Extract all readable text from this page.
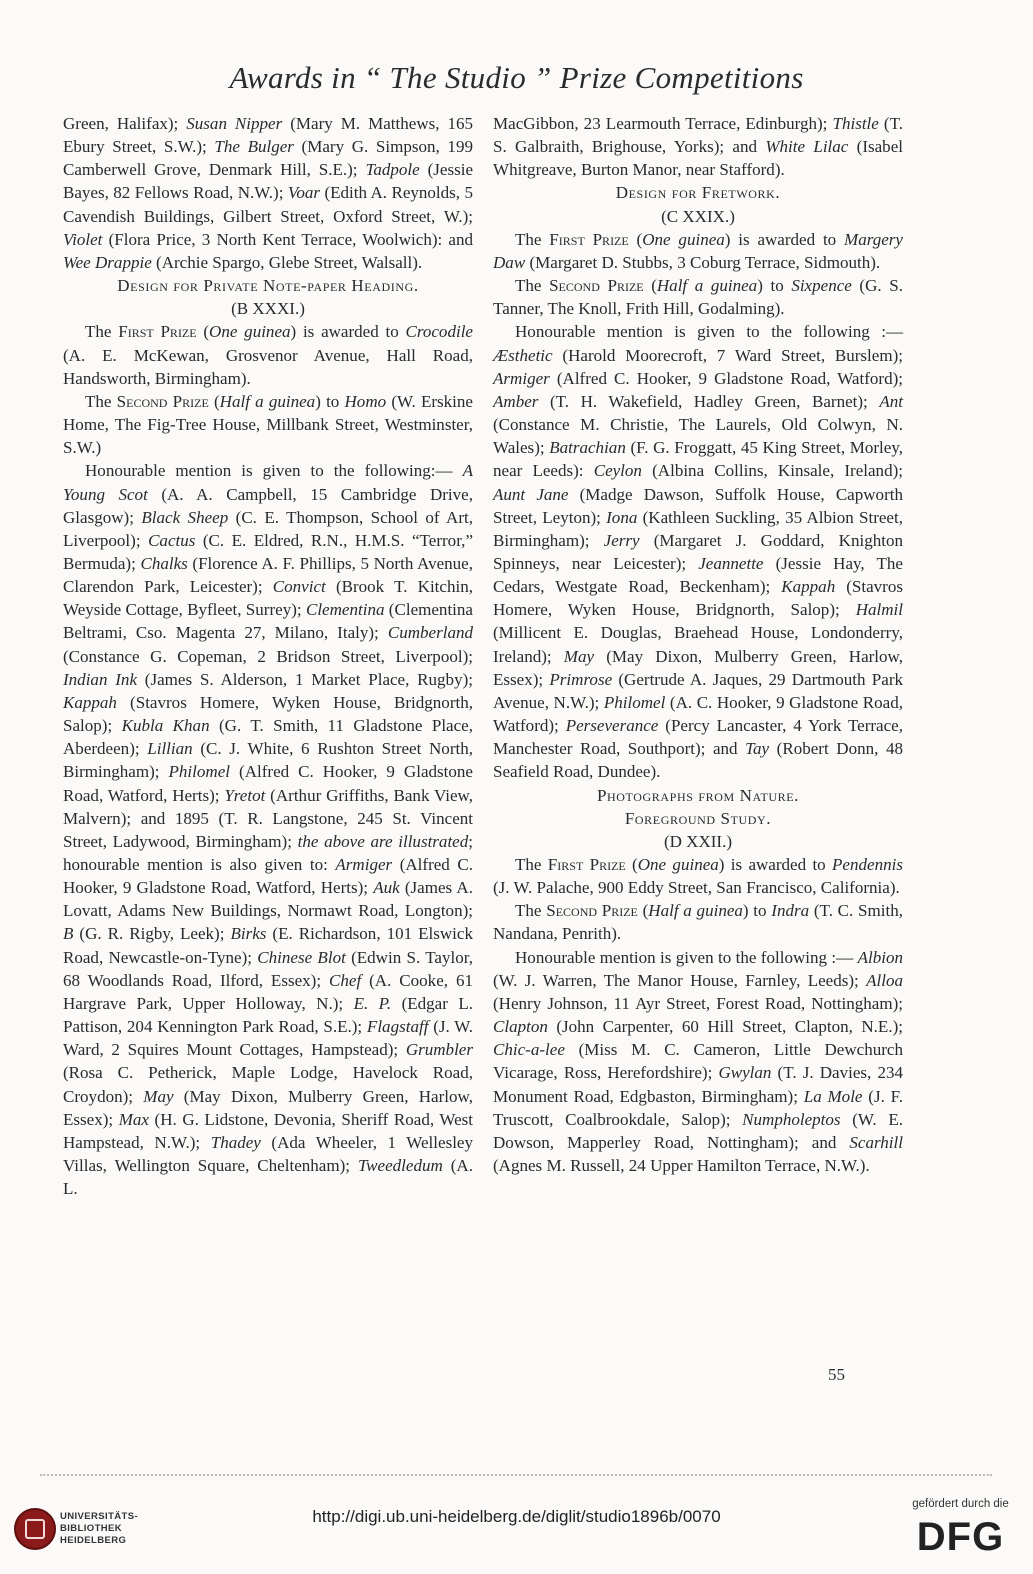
Awards in “ The Studio ” Prize Competitions

Green, Halifax); Susan Nipper (Mary M. Matthews, 165 Ebury Street, S.W.); The Bulger (Mary G. Simpson, 199 Camberwell Grove, Denmark Hill, S.E.); Tadpole (Jessie Bayes, 82 Fellows Road, N.W.); Voar (Edith A. Reynolds, 5 Cavendish Buildings, Gilbert Street, Oxford Street, W.); Violet (Flora Price, 3 North Kent Terrace, Woolwich): and Wee Drappie (Archie Spargo, Glebe Street, Walsall).

Design for Private Note-paper Heading.

(B XXXI.)

The First Prize (One guinea) is awarded to Crocodile (A. E. McKewan, Grosvenor Avenue, Hall Road, Handsworth, Birmingham).

The Second Prize (Half a guinea) to Homo (W. Erskine Home, The Fig-Tree House, Millbank Street, Westminster, S.W.)

Honourable mention is given to the following:— A Young Scot (A. A. Campbell, 15 Cambridge Drive, Glasgow); Black Sheep (C. E. Thompson, School of Art, Liverpool); Cactus (C. E. Eldred, R.N., H.M.S. “Terror,” Bermuda); Chalks (Florence A. F. Phillips, 5 North Avenue, Clarendon Park, Leicester); Convict (Brook T. Kitchin, Weyside Cottage, Byfleet, Surrey); Clementina (Clementina Beltrami, Cso. Magenta 27, Milano, Italy); Cumberland (Constance G. Copeman, 2 Bridson Street, Liverpool); Indian Ink (James S. Alderson, 1 Market Place, Rugby); Kappah (Stavros Homere, Wyken House, Bridgnorth, Salop); Kubla Khan (G. T. Smith, 11 Gladstone Place, Aberdeen); Lillian (C. J. White, 6 Rushton Street North, Birmingham); Philomel (Alfred C. Hooker, 9 Gladstone Road, Watford, Herts); Yretot (Arthur Griffiths, Bank View, Malvern); and 1895 (T. R. Langstone, 245 St. Vincent Street, Ladywood, Birmingham); the above are illustrated; honourable mention is also given to: Armiger (Alfred C. Hooker, 9 Gladstone Road, Watford, Herts); Auk (James A. Lovatt, Adams New Buildings, Normawt Road, Longton); B (G. R. Rigby, Leek); Birks (E. Richardson, 101 Elswick Road, Newcastle-on-Tyne); Chinese Blot (Edwin S. Taylor, 68 Woodlands Road, Ilford, Essex); Chef (A. Cooke, 61 Hargrave Park, Upper Holloway, N.); E. P. (Edgar L. Pattison, 204 Kennington Park Road, S.E.); Flagstaff (J. W. Ward, 2 Squires Mount Cottages, Hampstead); Grumbler (Rosa C. Petherick, Maple Lodge, Havelock Road, Croydon); May (May Dixon, Mulberry Green, Harlow, Essex); Max (H. G. Lidstone, Devonia, Sheriff Road, West Hampstead, N.W.); Thadey (Ada Wheeler, 1 Wellesley Villas, Wellington Square, Cheltenham); Tweedledum (A. L.

MacGibbon, 23 Learmouth Terrace, Edinburgh); Thistle (T. S. Galbraith, Brighouse, Yorks); and White Lilac (Isabel Whitgreave, Burton Manor, near Stafford).

Design for Fretwork.

(C XXIX.)

The First Prize (One guinea) is awarded to Margery Daw (Margaret D. Stubbs, 3 Coburg Terrace, Sidmouth).

The Second Prize (Half a guinea) to Sixpence (G. S. Tanner, The Knoll, Frith Hill, Godalming).

Honourable mention is given to the following :— Æsthetic (Harold Moorecroft, 7 Ward Street, Burslem); Armiger (Alfred C. Hooker, 9 Gladstone Road, Watford); Amber (T. H. Wakefield, Hadley Green, Barnet); Ant (Constance M. Christie, The Laurels, Old Colwyn, N. Wales); Batrachian (F. G. Froggatt, 45 King Street, Morley, near Leeds): Ceylon (Albina Collins, Kinsale, Ireland); Aunt Jane (Madge Dawson, Suffolk House, Capworth Street, Leyton); Iona (Kathleen Suckling, 35 Albion Street, Birmingham); Jerry (Margaret J. Goddard, Knighton Spinneys, near Leicester); Jeannette (Jessie Hay, The Cedars, Westgate Road, Beckenham); Kappah (Stavros Homere, Wyken House, Bridgnorth, Salop); Halmil (Millicent E. Douglas, Braehead House, Londonderry, Ireland); May (May Dixon, Mulberry Green, Harlow, Essex); Primrose (Gertrude A. Jaques, 29 Dartmouth Park Avenue, N.W.); Philomel (A. C. Hooker, 9 Gladstone Road, Watford); Perseverance (Percy Lancaster, 4 York Terrace, Manchester Road, Southport); and Tay (Robert Donn, 48 Seafield Road, Dundee).

Photographs from Nature.

Foreground Study.

(D XXII.)

The First Prize (One guinea) is awarded to Pendennis (J. W. Palache, 900 Eddy Street, San Francisco, California).

The Second Prize (Half a guinea) to Indra (T. C. Smith, Nandana, Penrith).

Honourable mention is given to the following :— Albion (W. J. Warren, The Manor House, Farnley, Leeds); Alloa (Henry Johnson, 11 Ayr Street, Forest Road, Nottingham); Clapton (John Carpenter, 60 Hill Street, Clapton, N.E.); Chic-a-lee (Miss M. C. Cameron, Little Dewchurch Vicarage, Ross, Herefordshire); Gwylan (T. J. Davies, 234 Monument Road, Edgbaston, Birmingham); La Mole (J. F. Truscott, Coalbrookdale, Salop); Numpholeptos (W. E. Dowson, Mapperley Road, Nottingham); and Scarhill (Agnes M. Russell, 24 Upper Hamilton Terrace, N.W.).

55
UNIVERSITÄTS-
BIBLIOTHEK
HEIDELBERG
http://digi.ub.uni-heidelberg.de/diglit/studio1896b/0070
gefördert durch die
DFG
